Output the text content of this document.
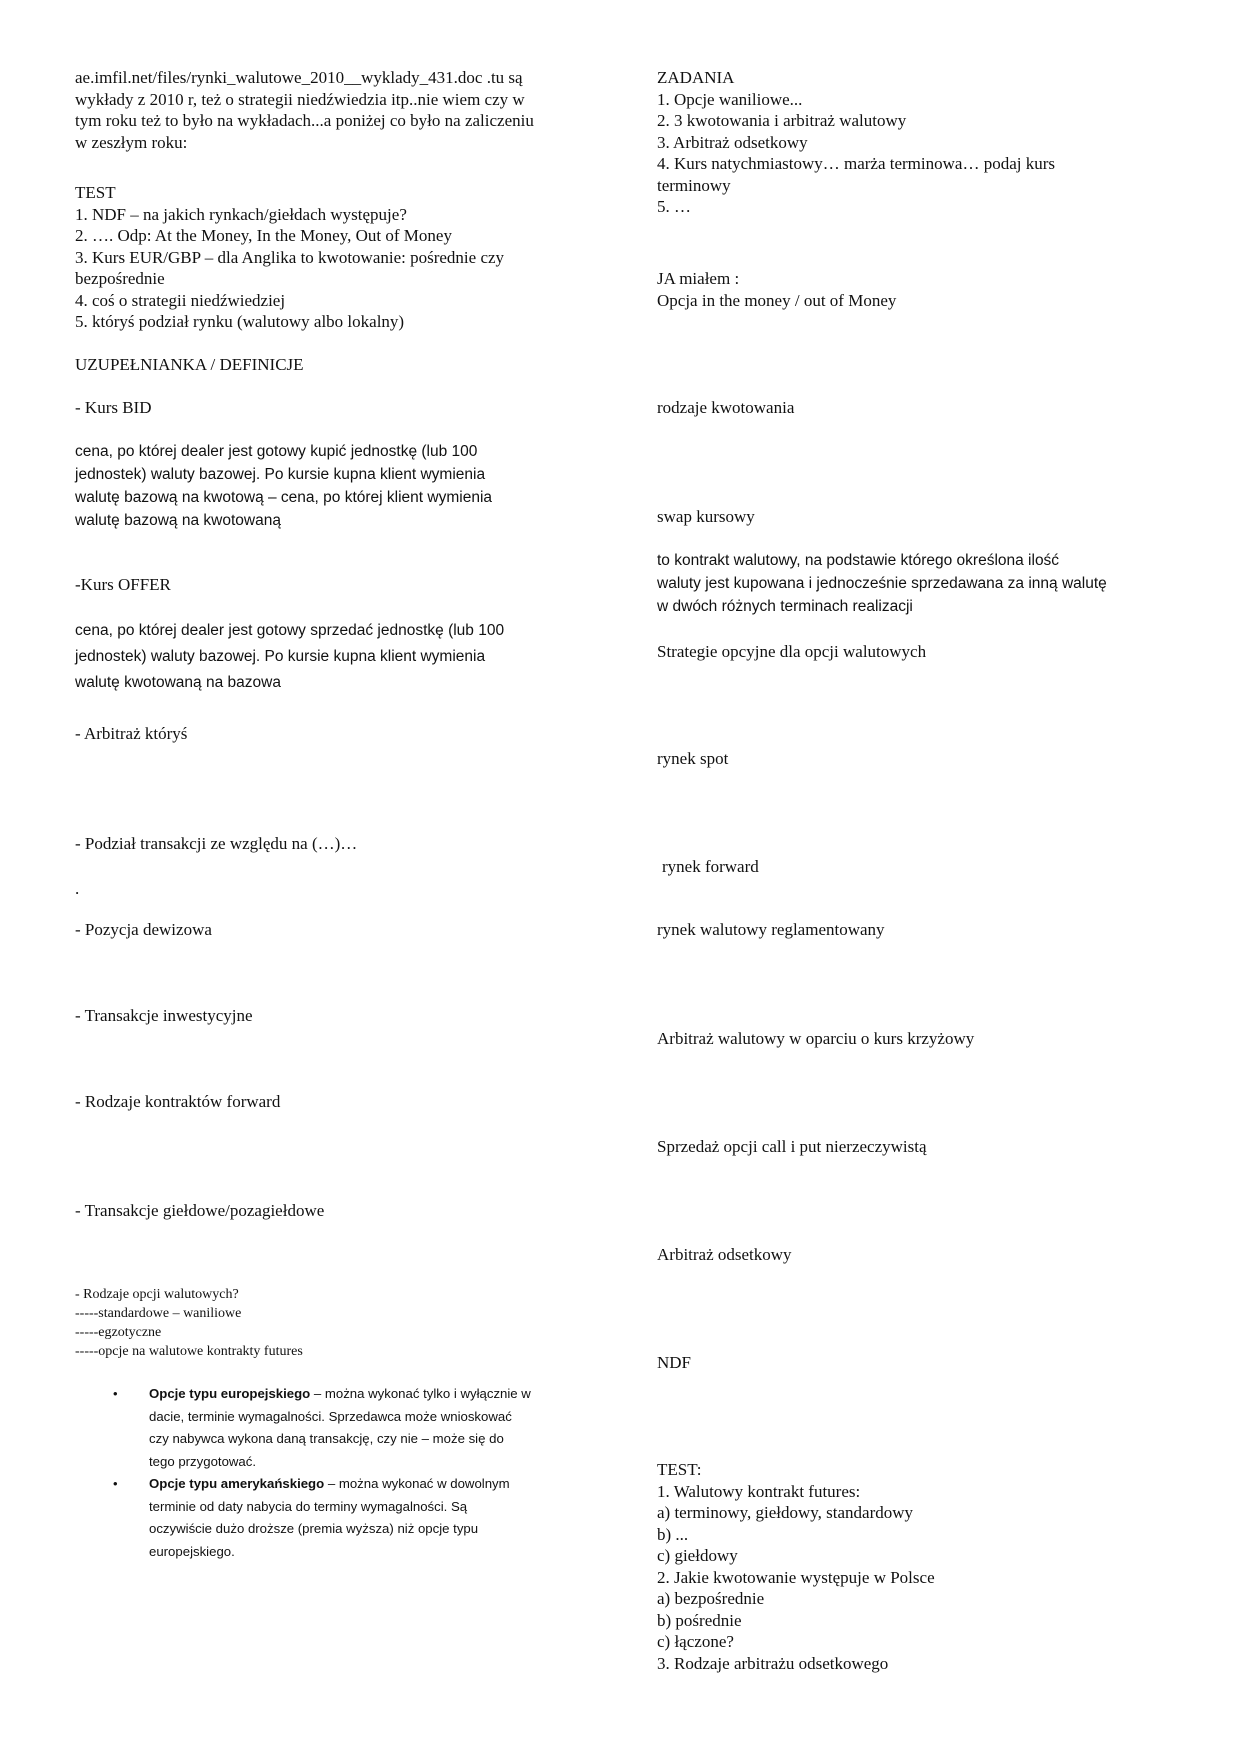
ae.imfil.net/files/rynki_walutowe_2010__wyklady_431.doc .tu są
wykłady z 2010 r, też o strategii niedźwiedzia itp..nie wiem czy w
tym roku też to było na wykładach...a poniżej co było na zaliczeniu
w zeszłym roku:
TEST
1. NDF – na jakich rynkach/giełdach występuje?
2. …. Odp: At the Money, In the Money, Out of Money
3. Kurs EUR/GBP – dla Anglika to kwotowanie: pośrednie czy
bezpośrednie
4. coś o strategii niedźwiedziej
5. któryś podział rynku (walutowy albo lokalny)
UZUPEŁNIANKA / DEFINICJE
- Kurs BID
cena, po której dealer jest gotowy kupić jednostkę (lub 100
jednostek) waluty bazowej. Po kursie kupna klient wymienia
walutę bazową na kwotową – cena, po której klient wymienia
walutę bazową na kwotowaną
-Kurs OFFER
cena, po której dealer jest gotowy sprzedać jednostkę (lub 100
jednostek) waluty bazowej. Po kursie kupna klient wymienia
walutę kwotowaną na bazowa
- Arbitraż któryś
- Podział transakcji ze względu na (…)…
.
- Pozycja dewizowa
- Transakcje inwestycyjne
- Rodzaje kontraktów forward
- Transakcje giełdowe/pozagiełdowe
- Rodzaje opcji walutowych?
-----standardowe – waniliowe
-----egzotyczne
-----opcje na walutowe kontrakty futures
• Opcje typu europejskiego – można wykonać tylko i wyłącznie w
dacie, terminie wymagalności. Sprzedawca może wnioskować
czy nabywca wykona daną transakcję, czy nie – może się do
tego przygotować.
• Opcje typu amerykańskiego – można wykonać w dowolnym
terminie od daty nabycia do terminy wymagalności. Są
oczywiście dużo droższe (premia wyższa) niż opcje typu
europejskiego.
ZADANIA
1. Opcje waniliowe...
2. 3 kwotowania i arbitraż walutowy
3. Arbitraż odsetkowy
4. Kurs natychmiastowy… marża terminowa… podaj kurs
terminowy
5. …
JA miałem :
Opcja in the money / out of Money
rodzaje kwotowania
swap kursowy
to kontrakt walutowy, na podstawie którego określona ilość
waluty jest kupowana i jednocześnie sprzedawana za inną walutę
w dwóch różnych terminach realizacji
Strategie opcyjne dla opcji walutowych
rynek spot
rynek forward
rynek walutowy reglamentowany
Arbitraż walutowy w oparciu o kurs krzyżowy
Sprzedaż opcji call i put nierzeczywistą
Arbitraż odsetkowy
NDF
TEST:
1. Walutowy kontrakt futures:
a) terminowy, giełdowy, standardowy
b) ...
c) giełdowy
2. Jakie kwotowanie występuje w Polsce
a) bezpośrednie
b) pośrednie
c) łączone?
3. Rodzaje arbitrażu odsetkowego
